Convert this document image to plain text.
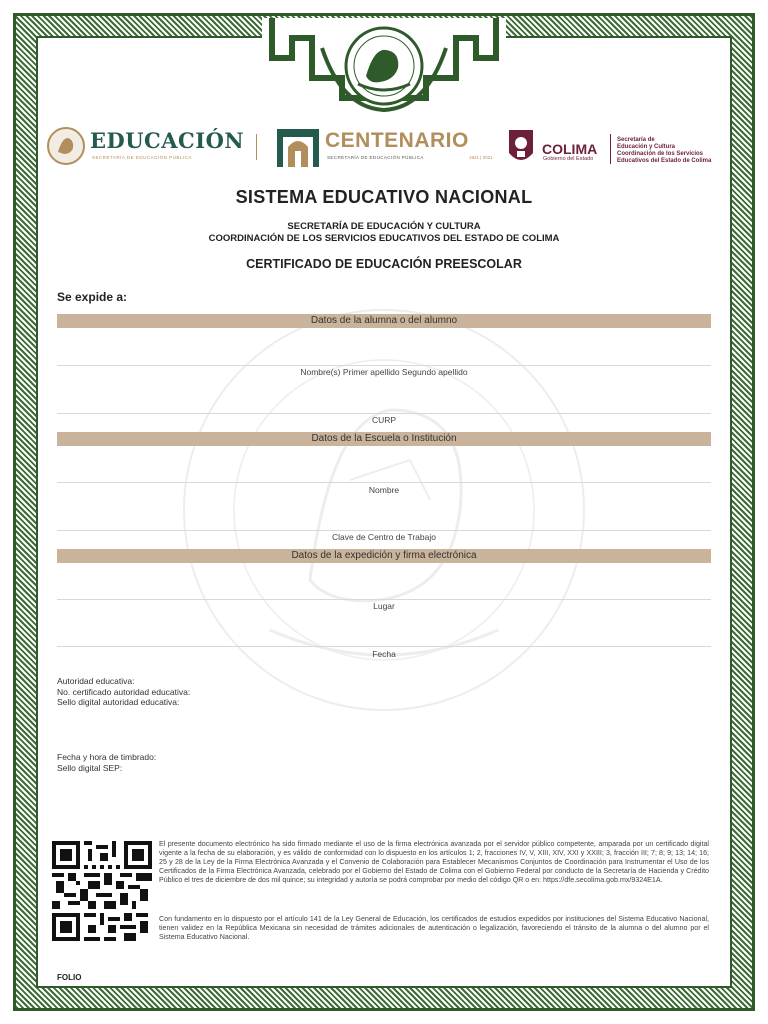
EDUCACIÓN
SECRETARÍA DE EDUCACIÓN PÚBLICA
CENTENARIO
SECRETARÍA DE EDUCACIÓN PÚBLICA	1921 | 2021
COLIMA
Gobierno del Estado
Secretaría de
Educación y Cultura
Coordinación de los Servicios
Educativos del Estado de Colima
SISTEMA EDUCATIVO NACIONAL
SECRETARÍA DE EDUCACIÓN Y CULTURA
COORDINACIÓN DE LOS SERVICIOS EDUCATIVOS DEL ESTADO DE COLIMA
CERTIFICADO DE EDUCACIÓN PREESCOLAR
Se expide a:
Datos de la alumna o del alumno
Nombre(s) Primer apellido Segundo apellido
CURP
Datos de la Escuela o Institución
Nombre
Clave de Centro de Trabajo
Datos de la expedición y firma electrónica
Lugar
Fecha
Autoridad educativa:
No. certificado autoridad educativa:
Sello digital autoridad educativa:
Fecha y hora de timbrado:
Sello digital SEP:
El presente documento electrónico ha sido firmado mediante el uso de la firma electrónica avanzada por el servidor público competente, amparada por un certificado digital vigente a la fecha de su elaboración, y es válido de conformidad con lo dispuesto en los artículos 1; 2, fracciones IV, V, XIII, XIV, XXI y XXIII; 3, fracción III; 7; 8; 9; 13; 14; 16; 25 y 28 de la Ley de la Firma Electrónica Avanzada y el Convenio de Colaboración para Establecer Mecanismos Conjuntos de Coordinación para Instrumentar el Uso de los Certificados de la Firma Electrónica Avanzada, celebrado por el Gobierno del Estado de Colima con el Gobierno Federal por conducto de la Secretaría de Hacienda y Crédito Público el tres de diciembre de dos mil quince; su integridad y autoría se podrá comprobar por medio del código QR o en: https://dfe.secolima.gob.mx/9324E1A.
Con fundamento en lo dispuesto por el artículo 141 de la Ley General de Educación, los certificados de estudios expedidos por instituciones del Sistema Educativo Nacional, tienen validez en la República Mexicana sin necesidad de trámites adicionales de autenticación o legalización, favoreciendo el tránsito de la alumna o del alumno por el Sistema Educativo Nacional.
FOLIO
